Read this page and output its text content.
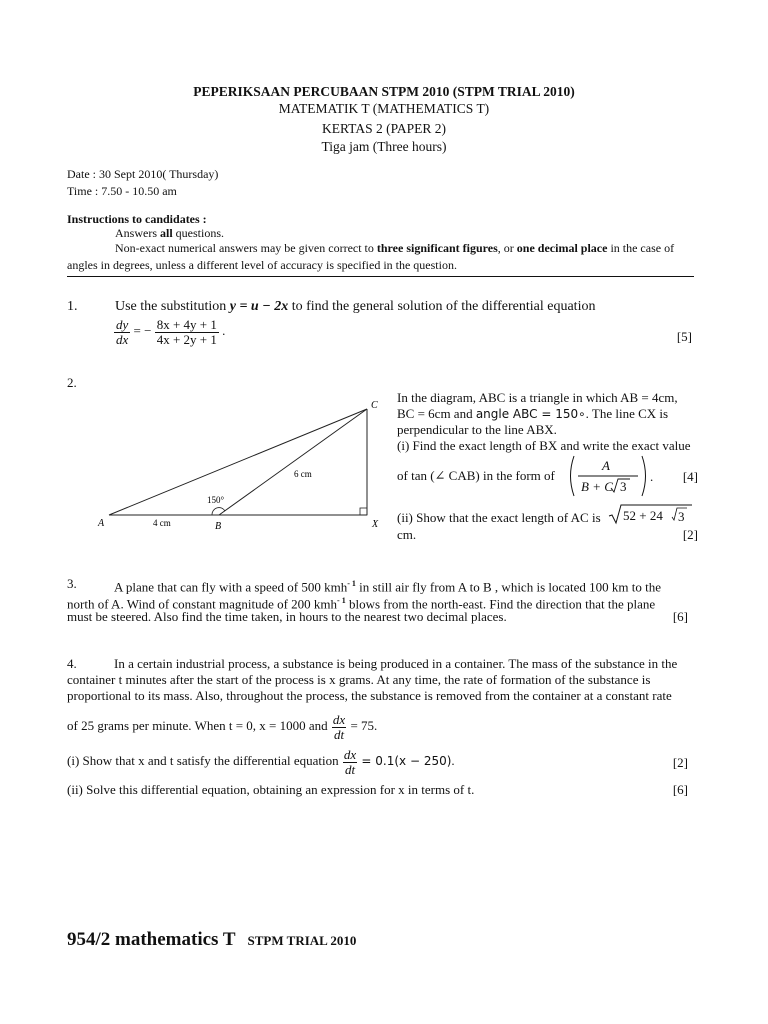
PEPERIKSAAN PERCUBAAN STPM 2010 (STPM TRIAL 2010)
MATEMATIK T (MATHEMATICS T)
KERTAS 2 (PAPER 2)
Tiga jam (Three hours)
Date : 30 Sept 2010( Thursday)
Time : 7.50 - 10.50 am
Instructions to candidates :
Answers all questions.
Non-exact numerical answers may be given correct to three significant figures, or one decimal place in the case of
angles in degrees, unless a different level of accuracy is specified in the question.
1.	Use the substitution y = u − 2x to find the general solution of the differential equation
$\frac{dy}{dx}$ = − $\frac{8x + 4y + 1}{4x + 2y + 1}$ .	[5]
2.
A	B
C
X
4 cm
6 cm
150°
In the diagram, ABC is a triangle in which AB = 4cm,
BC = 6cm and angle ABC = 150∘. The line CX is
perpendicular to the line ABX.
(i) Find the exact length of BX and write the exact value
of tan (∠ CAB) in the form of
A
B + C 3
.	[4]
(ii) Show that the exact length of AC is 52 + 24 3
cm.	[2]
3.	A plane that can fly with a speed of 500 kmh$^{- 1}$ in still air fly from A to B , which is located 100 km to the
north of A. Wind of constant magnitude of 200 kmh$^{- 1}$ blows from the north-east. Find the direction that the plane
must be steered. Also find the time taken, in hours to the nearest two decimal places.	[6]
4.	In a certain industrial process, a substance is being produced in a container. The mass of the substance in the
container t minutes after the start of the process is x grams. At any time, the rate of formation of the substance is
proportional to its mass. Also, throughout the process, the substance is removed from the container at a constant rate
of 25 grams per minute. When t = 0, x = 1000 and $\frac{dx}{dt} = 75$.
(i) Show that x and t satisfy the differential equation $\frac{dx}{dt} = 0.1(x - 250)$.	[2]
(ii) Solve this differential equation, obtaining an expression for x in terms of t.	[6]
954/2 mathematics T STPM TRIAL 2010
